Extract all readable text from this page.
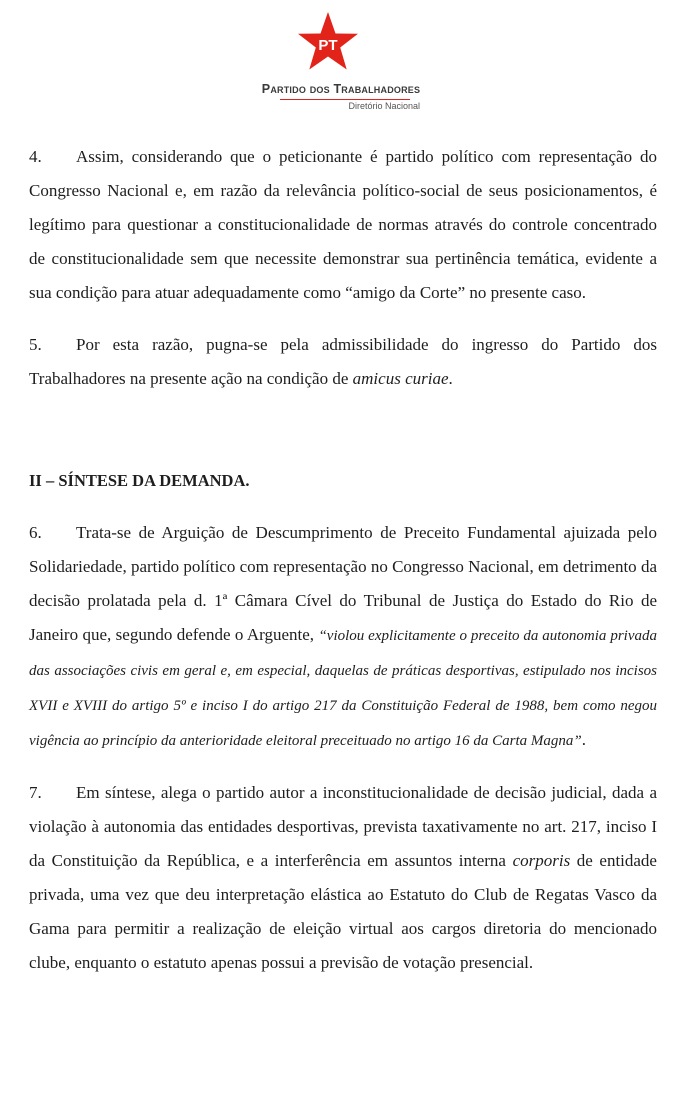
PT
Partido dos Trabalhadores
Diretório Nacional

4. Assim, considerando que o peticionante é partido político com representação do Congresso Nacional e, em razão da relevância político-social de seus posicionamentos, é legítimo para questionar a constitucionalidade de normas através do controle concentrado de constitucionalidade sem que necessite demonstrar sua pertinência temática, evidente a sua condição para atuar adequadamente como “amigo da Corte” no presente caso.

5. Por esta razão, pugna-se pela admissibilidade do ingresso do Partido dos Trabalhadores na presente ação na condição de amicus curiae.

II – SÍNTESE DA DEMANDA.

6. Trata-se de Arguição de Descumprimento de Preceito Fundamental ajuizada pelo Solidariedade, partido político com representação no Congresso Nacional, em detrimento da decisão prolatada pela d. 1ª Câmara Cível do Tribunal de Justiça do Estado do Rio de Janeiro que, segundo defende o Arguente, “violou explicitamente o preceito da autonomia privada das associações civis em geral e, em especial, daquelas de práticas desportivas, estipulado nos incisos XVII e XVIII do artigo 5º e inciso I do artigo 217 da Constituição Federal de 1988, bem como negou vigência ao princípio da anterioridade eleitoral preceituado no artigo 16 da Carta Magna”.

7. Em síntese, alega o partido autor a inconstitucionalidade de decisão judicial, dada a violação à autonomia das entidades desportivas, prevista taxativamente no art. 217, inciso I da Constituição da República, e a interferência em assuntos interna corporis de entidade privada, uma vez que deu interpretação elástica ao Estatuto do Club de Regatas Vasco da Gama para permitir a realização de eleição virtual aos cargos diretoria do mencionado clube, enquanto o estatuto apenas possui a previsão de votação presencial.
